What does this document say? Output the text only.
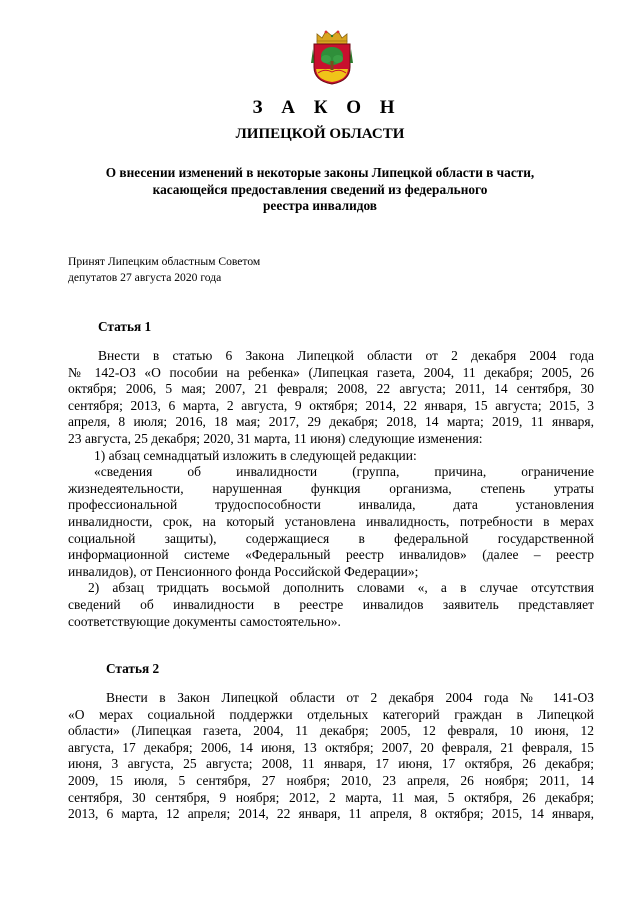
З А К О Н
ЛИПЕЦКОЙ ОБЛАСТИ
О внесении изменений в некоторые законы Липецкой области в части,
касающейся предоставления сведений из федерального
реестра инвалидов
Принят Липецким областным Советом
депутатов 27 августа 2020 года
Статья 1
Внести в статью 6 Закона Липецкой области от 2 декабря 2004 года
№ 142-ОЗ «О пособии на ребенка» (Липецкая газета, 2004, 11 декабря; 2005, 26
октября; 2006, 5 мая; 2007, 21 февраля; 2008, 22 августа; 2011, 14 сентября, 30
сентября; 2013, 6 марта, 2 августа, 9 октября; 2014, 22 января, 15 августа; 2015, 3
апреля, 8 июля; 2016, 18 мая; 2017, 29 декабря; 2018, 14 марта; 2019, 11 января,
23 августа, 25 декабря; 2020, 31 марта, 11 июня) следующие изменения:
1) абзац семнадцатый изложить в следующей редакции:
«сведения об инвалидности (группа, причина, ограничение
жизнедеятельности, нарушенная функция организма, степень утраты
профессиональной трудоспособности инвалида, дата установления
инвалидности, срок, на который установлена инвалидность, потребности в мерах
социальной защиты), содержащиеся в федеральной государственной
информационной системе «Федеральный реестр инвалидов» (далее – реестр
инвалидов), от Пенсионного фонда Российской Федерации»;
2) абзац тридцать восьмой дополнить словами «, а в случае отсутствия
сведений об инвалидности в реестре инвалидов заявитель представляет
соответствующие документы самостоятельно».
Статья 2
Внести в Закон Липецкой области от 2 декабря 2004 года № 141-ОЗ
«О мерах социальной поддержки отдельных категорий граждан в Липецкой
области» (Липецкая газета, 2004, 11 декабря; 2005, 12 февраля, 10 июня, 12
августа, 17 декабря; 2006, 14 июня, 13 октября; 2007, 20 февраля, 21 февраля, 15
июня, 3 августа, 25 августа; 2008, 11 января, 17 июня, 17 октября, 26 декабря;
2009, 15 июля, 5 сентября, 27 ноября; 2010, 23 апреля, 26 ноября; 2011, 14
сентября, 30 сентября, 9 ноября; 2012, 2 марта, 11 мая, 5 октября, 26 декабря;
2013, 6 марта, 12 апреля; 2014, 22 января, 11 апреля, 8 октября; 2015, 14 января,
